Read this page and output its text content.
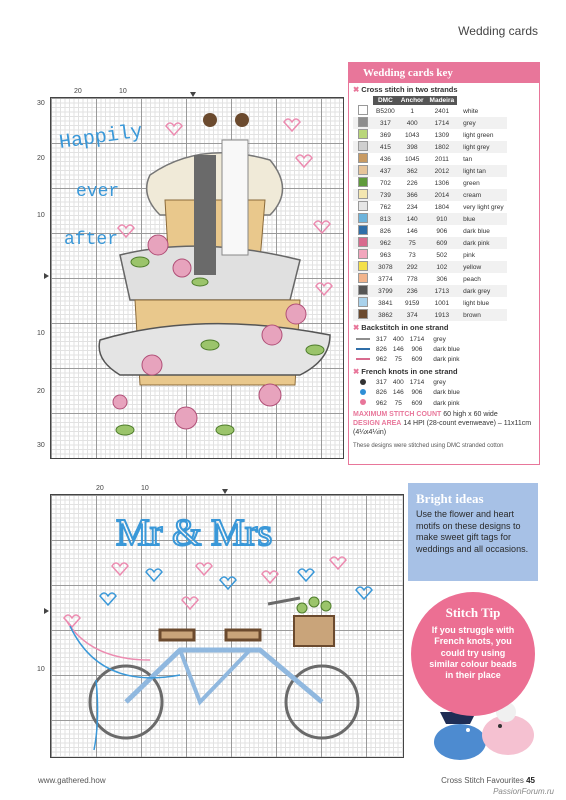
Wedding cards
20	10
30
20
10
10
20
30
20	10
10
Happily
ever
after
Mr & Mrs
Wedding cards key
✖ Cross stitch in two strands
	DMC	Anchor	Madeira	
	B5200	1	2401	white
	317	400	1714	grey
	369	1043	1309	light green
	415	398	1802	light grey
	436	1045	2011	tan
	437	362	2012	light tan
	702	226	1306	green
	739	366	2014	cream
	762	234	1804	very light grey
	813	140	910	blue
	826	146	906	dark blue
	962	75	609	dark pink
	963	73	502	pink
	3078	292	102	yellow
	3774	778	306	peach
	3799	236	1713	dark grey
	3841	9159	1001	light blue
	3862	374	1913	brown
✖ Backstitch in one strand
	317	400	1714	grey
	826	146	906	dark blue
	962	75	609	dark pink
✖ French knots in one strand
	317	400	1714	grey
	826	146	906	dark blue
	962	75	609	dark pink
MAXIMUM STITCH COUNT 60 high x 60 wide
DESIGN AREA 14 HPI (28-count evenweave) – 11x11cm (4¼x4¼in)
These designs were stitched using DMC stranded cotton
Bright ideas
Use the flower and heart motifs on these designs to make sweet gift tags for weddings and all occasions.
Stitch Tip
If you struggle with French knots, you could try using similar colour beads in their place
www.gathered.how	Cross Stitch Favourites 45
PassionForum.ru
